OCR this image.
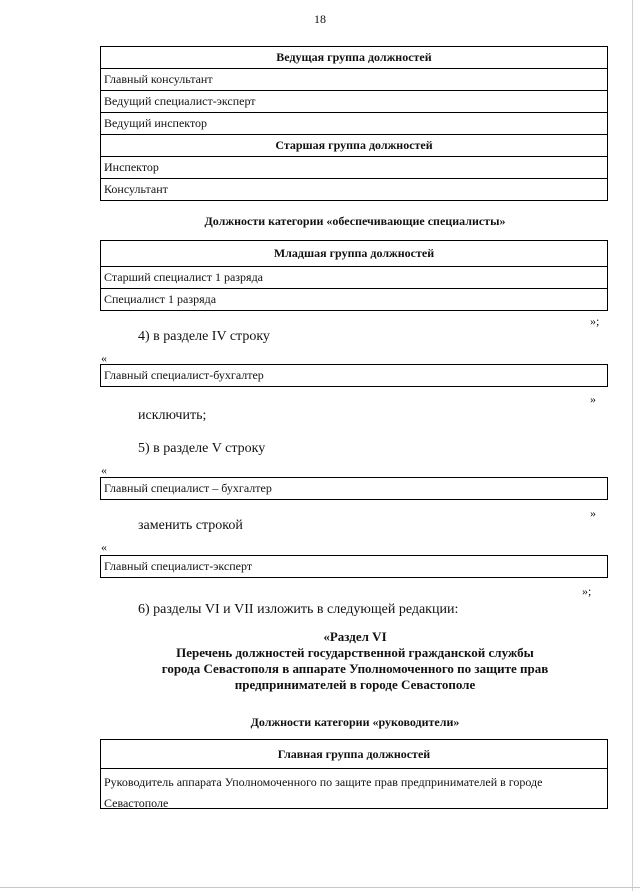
18
Ведущая группа должностей
Главный консультант
Ведущий специалист-эксперт
Ведущий инспектор
Старшая группа должностей
Инспектор
Консультант
Должности категории «обеспечивающие специалисты»
Младшая группа должностей
Старший специалист 1 разряда
Специалист 1 разряда
»;
4) в разделе IV строку
«
Главный специалист-бухгалтер
»
исключить;
5) в разделе V строку
«
Главный специалист – бухгалтер
»
заменить строкой
«
Главный специалист-эксперт
»;
6) разделы VI и VII изложить в следующей редакции:
«Раздел VI
Перечень должностей государственной гражданской службы
города Севастополя в аппарате Уполномоченного по защите прав
предпринимателей в городе Севастополе
Должности категории «руководители»
Главная группа должностей
Руководитель аппарата Уполномоченного по защите прав предпринимателей в городе Севастополе
